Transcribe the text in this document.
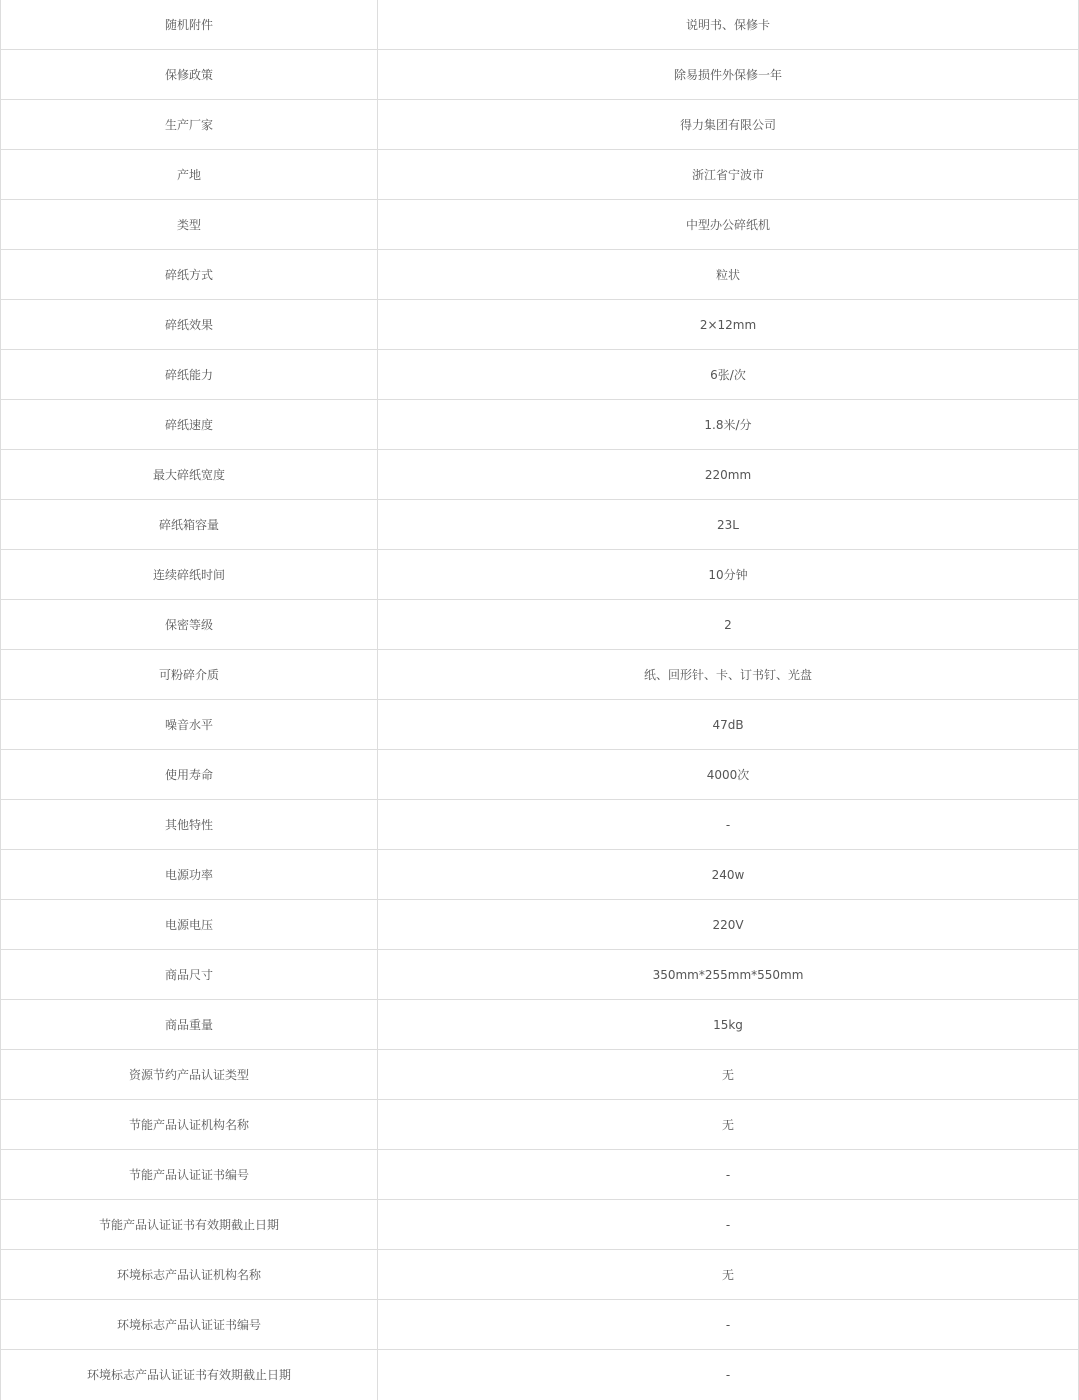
随机附件	说明书、保修卡
保修政策	除易损件外保修一年
生产厂家	得力集团有限公司
产地	浙江省宁波市
类型	中型办公碎纸机
碎纸方式	粒状
碎纸效果	2×12mm
碎纸能力	6张/次
碎纸速度	1.8米/分
最大碎纸宽度	220mm
碎纸箱容量	23L
连续碎纸时间	10分钟
保密等级	2
可粉碎介质	纸、回形针、卡、订书钉、光盘
噪音水平	47dB
使用寿命	4000次
其他特性	-
电源功率	240w
电源电压	220V
商品尺寸	350mm*255mm*550mm
商品重量	15kg
资源节约产品认证类型	无
节能产品认证机构名称	无
节能产品认证证书编号	-
节能产品认证证书有效期截止日期	-
环境标志产品认证机构名称	无
环境标志产品认证证书编号	-
环境标志产品认证证书有效期截止日期	-
